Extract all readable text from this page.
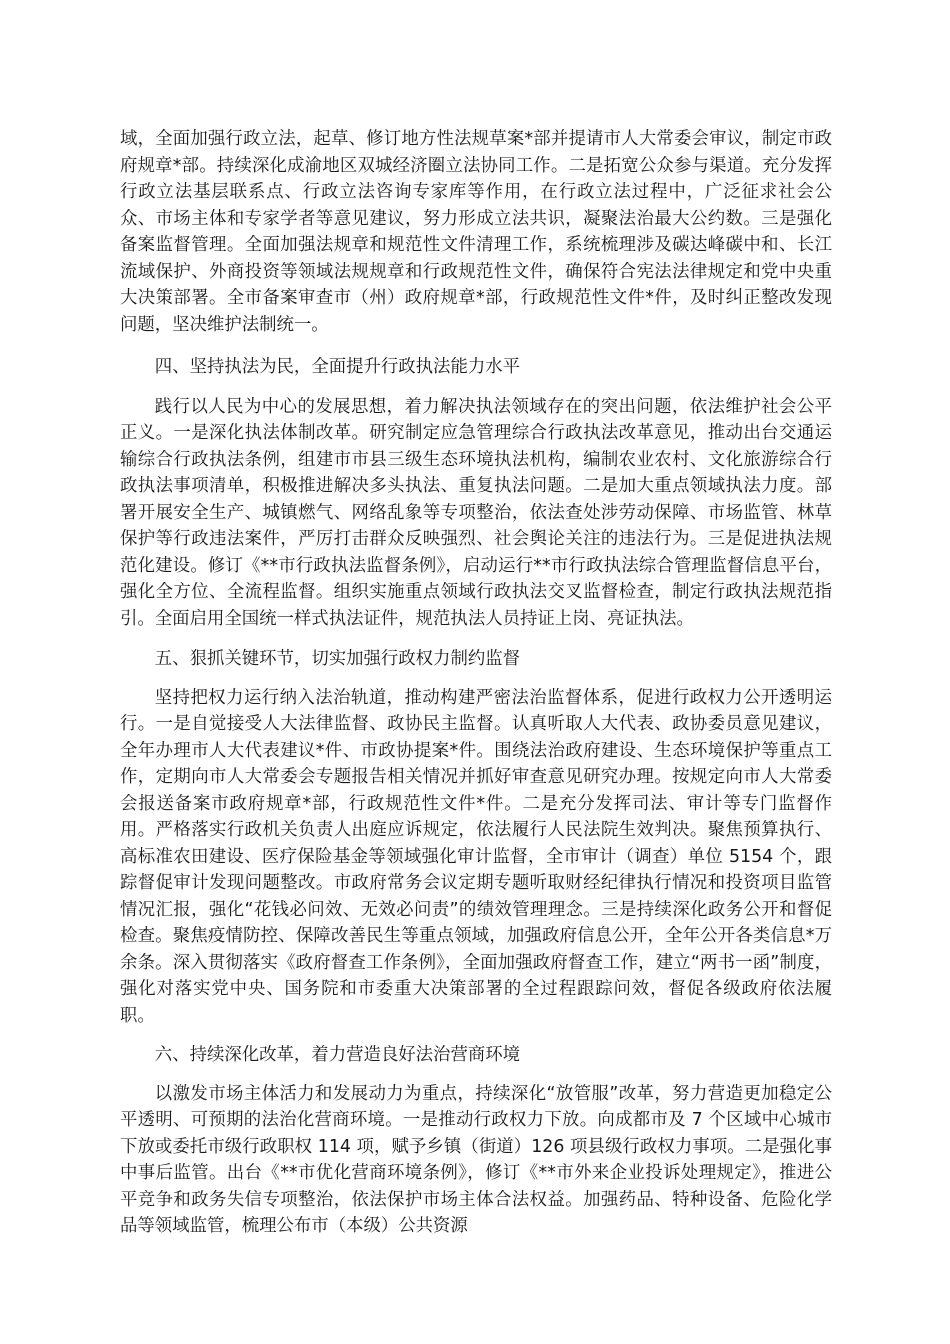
域，全面加强行政立法，起草、修订地方性法规草案*部并提请市人大常委会审议，制定市政府规章*部。持续深化成渝地区双城经济圈立法协同工作。二是拓宽公众参与渠道。充分发挥行政立法基层联系点、行政立法咨询专家库等作用，在行政立法过程中，广泛征求社会公众、市场主体和专家学者等意见建议，努力形成立法共识，凝聚法治最大公约数。三是强化备案监督管理。全面加强法规章和规范性文件清理工作，系统梳理涉及碳达峰碳中和、长江流域保护、外商投资等领域法规规章和行政规范性文件，确保符合宪法法律规定和党中央重大决策部署。全市备案审查市（州）政府规章*部，行政规范性文件*件，及时纠正整改发现问题，坚决维护法制统一。

四、坚持执法为民，全面提升行政执法能力水平

践行以人民为中心的发展思想，着力解决执法领域存在的突出问题，依法维护社会公平正义。一是深化执法体制改革。研究制定应急管理综合行政执法改革意见，推动出台交通运输综合行政执法条例，组建市市县三级生态环境执法机构，编制农业农村、文化旅游综合行政执法事项清单，积极推进解决多头执法、重复执法问题。二是加大重点领域执法力度。部署开展安全生产、城镇燃气、网络乱象等专项整治，依法查处涉劳动保障、市场监管、林草保护等行政违法案件，严厉打击群众反映强烈、社会舆论关注的违法行为。三是促进执法规范化建设。修订《**市行政执法监督条例》，启动运行**市行政执法综合管理监督信息平台，强化全方位、全流程监督。组织实施重点领域行政执法交叉监督检查，制定行政执法规范指引。全面启用全国统一样式执法证件，规范执法人员持证上岗、亮证执法。

五、狠抓关键环节，切实加强行政权力制约监督

坚持把权力运行纳入法治轨道，推动构建严密法治监督体系，促进行政权力公开透明运行。一是自觉接受人大法律监督、政协民主监督。认真听取人大代表、政协委员意见建议，全年办理市人大代表建议*件、市政协提案*件。围绕法治政府建设、生态环境保护等重点工作，定期向市人大常委会专题报告相关情况并抓好审查意见研究办理。按规定向市人大常委会报送备案市政府规章*部，行政规范性文件*件。二是充分发挥司法、审计等专门监督作用。严格落实行政机关负责人出庭应诉规定，依法履行人民法院生效判决。聚焦预算执行、高标准农田建设、医疗保险基金等领域强化审计监督，全市审计（调查）单位 5154 个，跟踪督促审计发现问题整改。市政府常务会议定期专题听取财经纪律执行情况和投资项目监管情况汇报，强化“花钱必问效、无效必问责”的绩效管理理念。三是持续深化政务公开和督促检查。聚焦疫情防控、保障改善民生等重点领域，加强政府信息公开，全年公开各类信息*万余条。深入贯彻落实《政府督查工作条例》，全面加强政府督查工作，建立“两书一函”制度，强化对落实党中央、国务院和市委重大决策部署的全过程跟踪问效，督促各级政府依法履职。

六、持续深化改革，着力营造良好法治营商环境

以激发市场主体活力和发展动力为重点，持续深化“放管服”改革，努力营造更加稳定公平透明、可预期的法治化营商环境。一是推动行政权力下放。向成都市及 7 个区域中心城市下放或委托市级行政职权 114 项，赋予乡镇（街道）126 项县级行政权力事项。二是强化事中事后监管。出台《**市优化营商环境条例》，修订《**市外来企业投诉处理规定》，推进公平竞争和政务失信专项整治，依法保护市场主体合法权益。加强药品、特种设备、危险化学品等领域监管，梳理公布市（本级）公共资源
